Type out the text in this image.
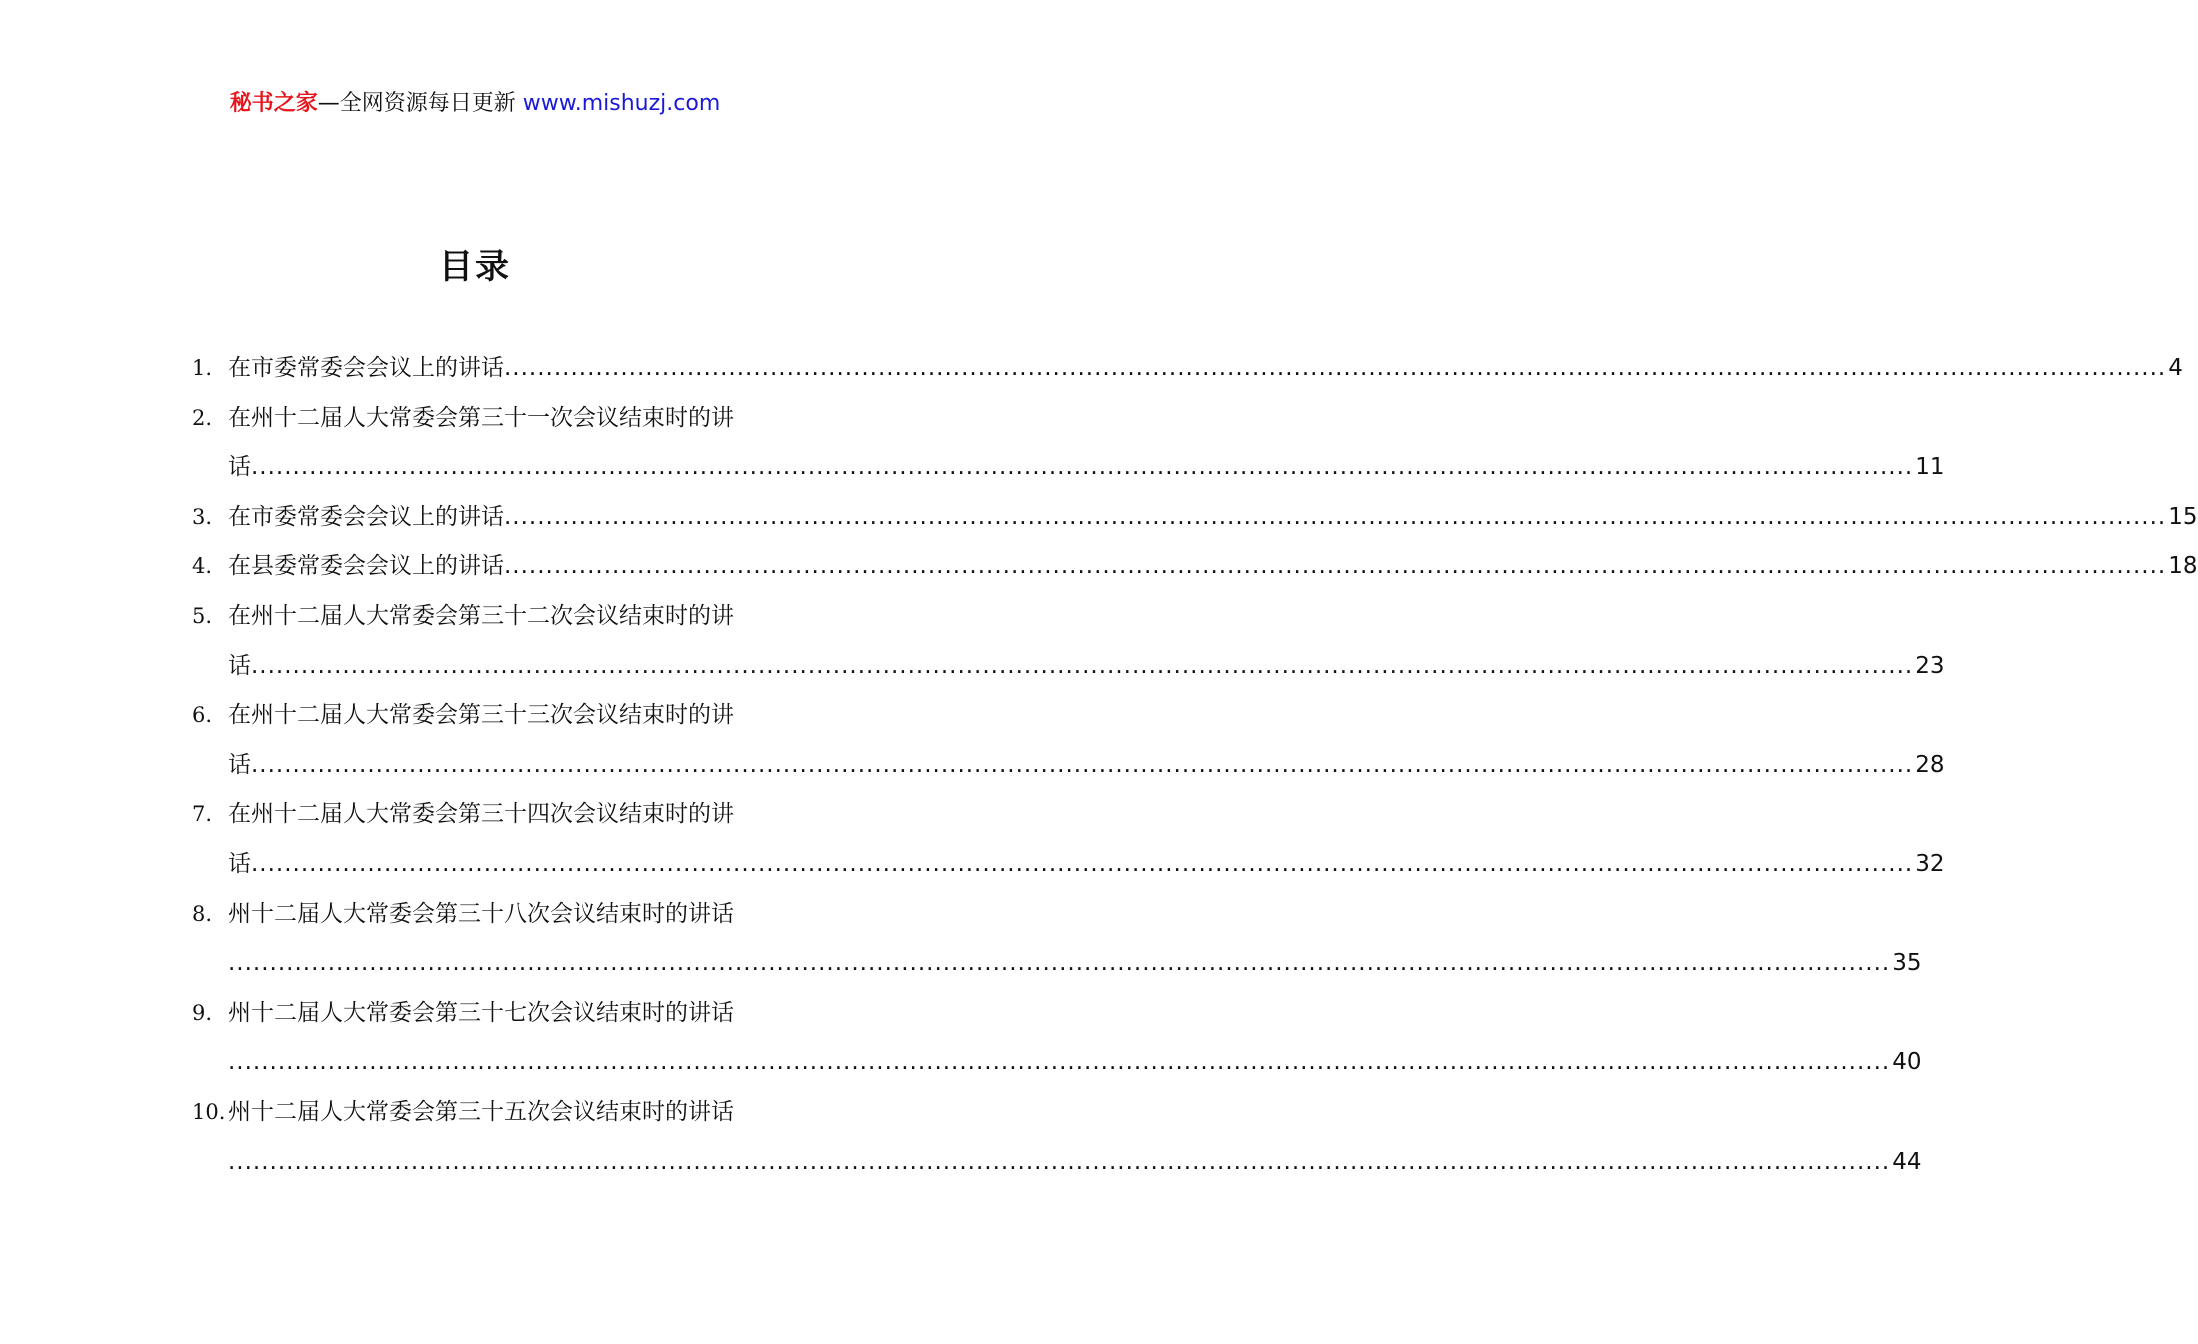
秘书之家—全网资源每日更新 www.mishuzj.com
目录
1. 在市委常委会会议上的讲话 ........................................................................................................................................................................................................ 4
2. 在州十二届人大常委会第三十一次会议结束时的讲
话 ........................................................................................................................................................................................................ 11
3. 在市委常委会会议上的讲话 ........................................................................................................................................................................................................ 15
4. 在县委常委会会议上的讲话 ........................................................................................................................................................................................................ 18
5. 在州十二届人大常委会第三十二次会议结束时的讲
话 ........................................................................................................................................................................................................ 23
6. 在州十二届人大常委会第三十三次会议结束时的讲
话 ........................................................................................................................................................................................................ 28
7. 在州十二届人大常委会第三十四次会议结束时的讲
话 ........................................................................................................................................................................................................ 32
8. 州十二届人大常委会第三十八次会议结束时的讲话
........................................................................................................................................................................................................ 35
9. 州十二届人大常委会第三十七次会议结束时的讲话
........................................................................................................................................................................................................ 40
10. 州十二届人大常委会第三十五次会议结束时的讲话
........................................................................................................................................................................................................ 44
